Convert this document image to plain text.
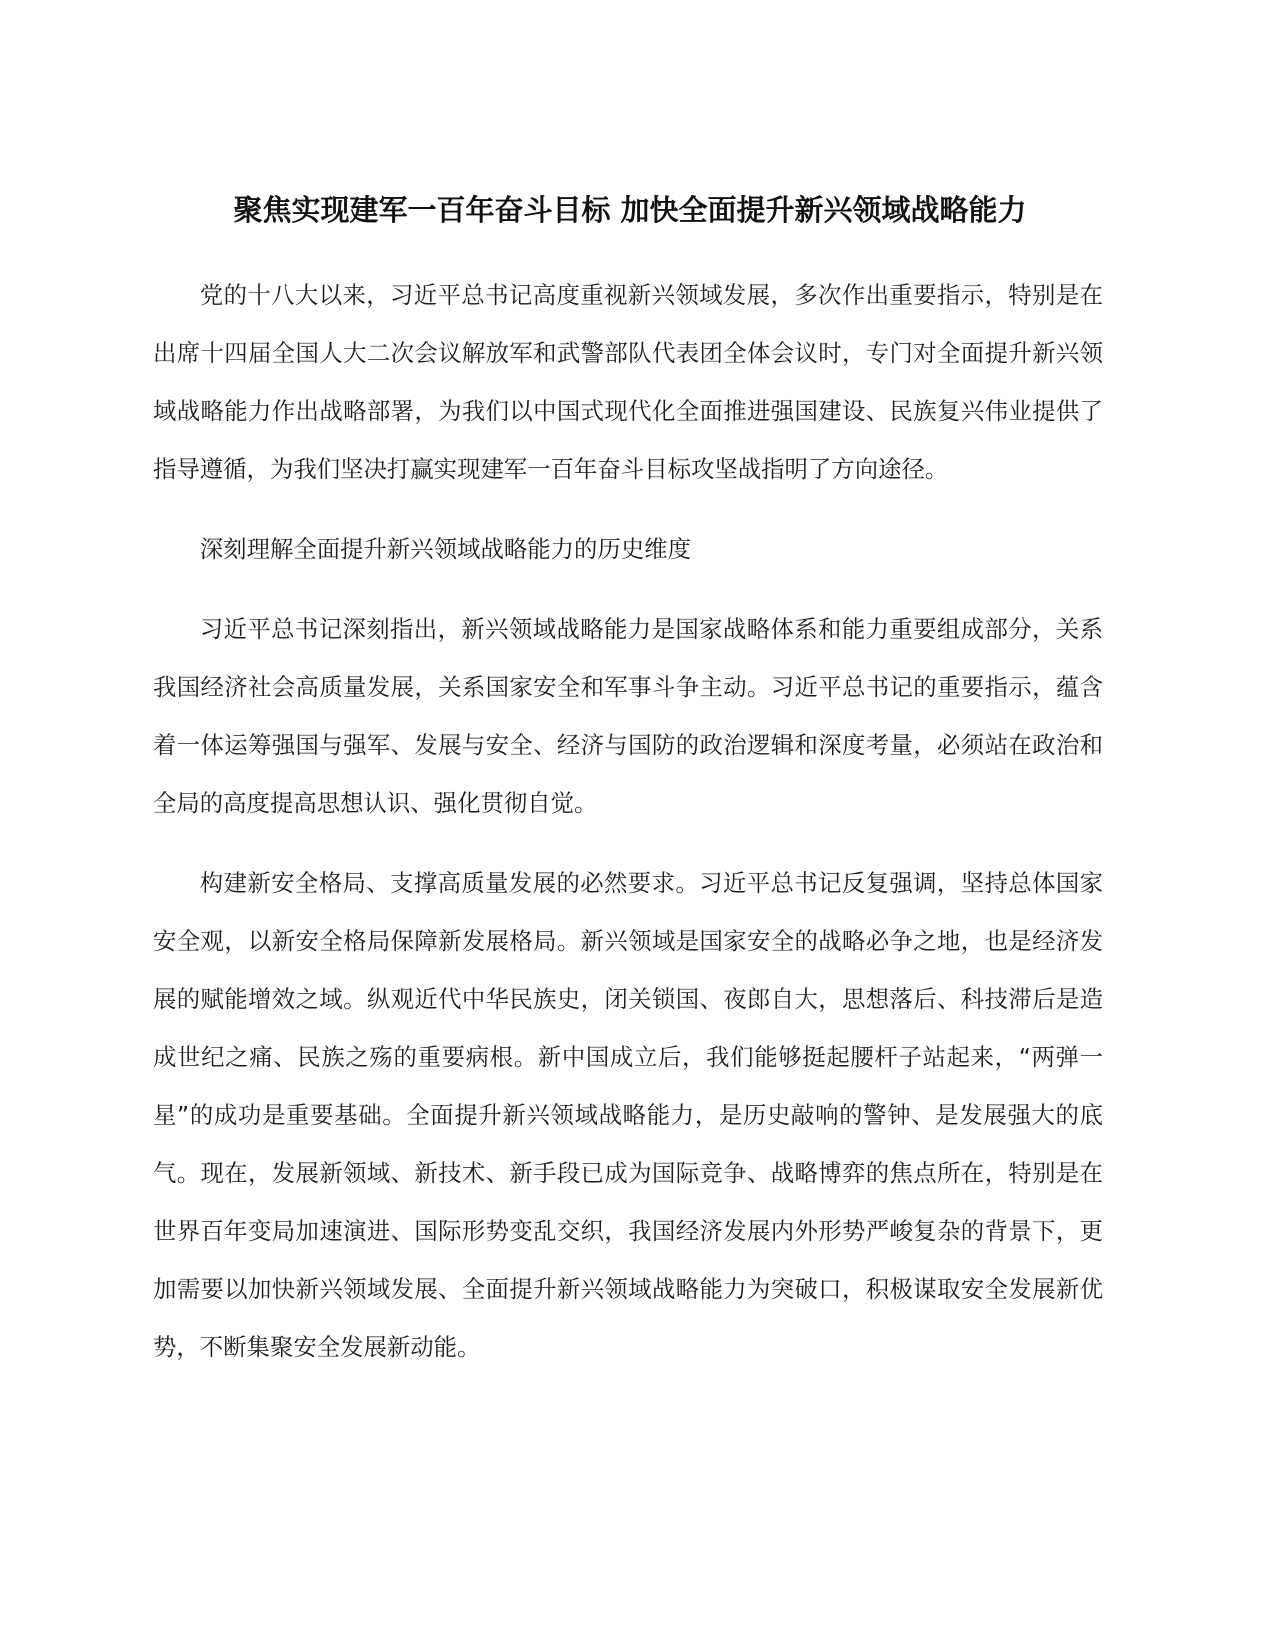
聚焦实现建军一百年奋斗目标 加快全面提升新兴领域战略能力

党的十八大以来，习近平总书记高度重视新兴领域发展，多次作出重要指示，特别是在出席十四届全国人大二次会议解放军和武警部队代表团全体会议时，专门对全面提升新兴领域战略能力作出战略部署，为我们以中国式现代化全面推进强国建设、民族复兴伟业提供了指导遵循，为我们坚决打赢实现建军一百年奋斗目标攻坚战指明了方向途径。

深刻理解全面提升新兴领域战略能力的历史维度

习近平总书记深刻指出，新兴领域战略能力是国家战略体系和能力重要组成部分，关系我国经济社会高质量发展，关系国家安全和军事斗争主动。习近平总书记的重要指示，蕴含着一体运筹强国与强军、发展与安全、经济与国防的政治逻辑和深度考量，必须站在政治和全局的高度提高思想认识、强化贯彻自觉。

构建新安全格局、支撑高质量发展的必然要求。习近平总书记反复强调，坚持总体国家安全观，以新安全格局保障新发展格局。新兴领域是国家安全的战略必争之地，也是经济发展的赋能增效之域。纵观近代中华民族史，闭关锁国、夜郎自大，思想落后、科技滞后是造成世纪之痛、民族之殇的重要病根。新中国成立后，我们能够挺起腰杆子站起来，“两弹一星”的成功是重要基础。全面提升新兴领域战略能力，是历史敲响的警钟、是发展强大的底气。现在，发展新领域、新技术、新手段已成为国际竞争、战略博弈的焦点所在，特别是在世界百年变局加速演进、国际形势变乱交织，我国经济发展内外形势严峻复杂的背景下，更加需要以加快新兴领域发展、全面提升新兴领域战略能力为突破口，积极谋取安全发展新优势，不断集聚安全发展新动能。
